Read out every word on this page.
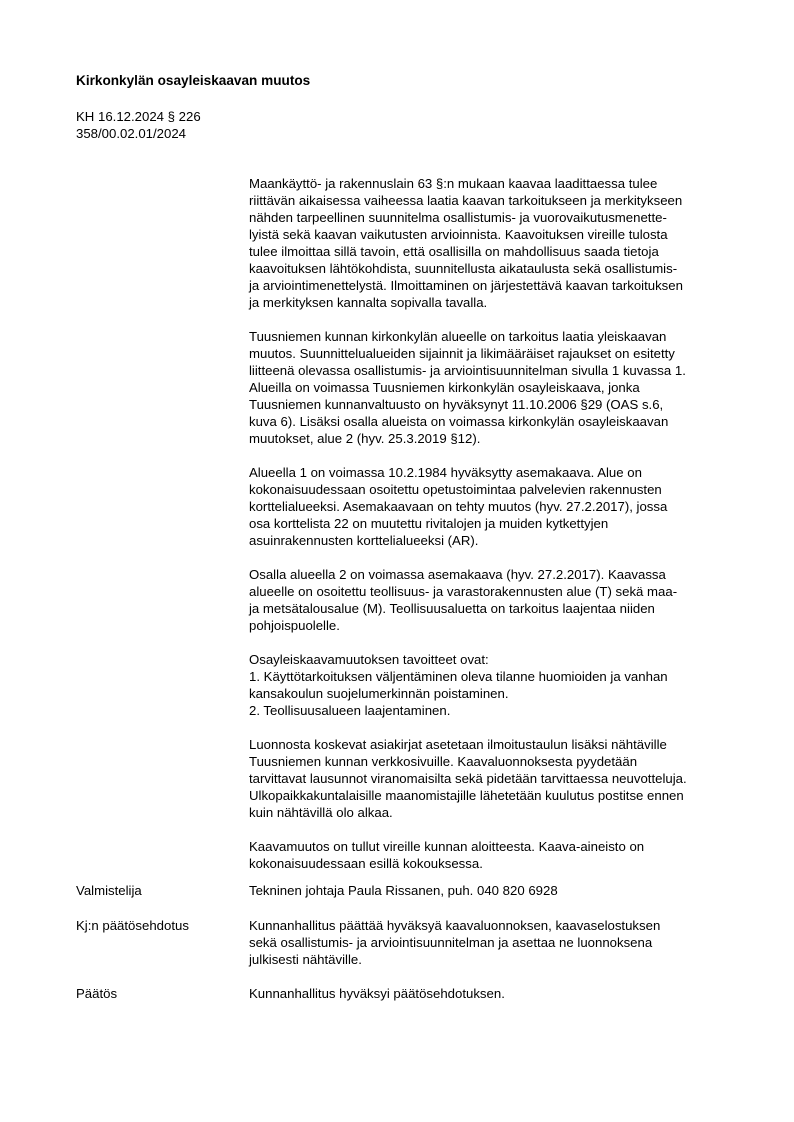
Kirkonkylän osayleiskaavan muutos
KH 16.12.2024 § 226
358/00.02.01/2024

Maankäyttö- ja rakennuslain 63 §:n mukaan kaavaa laadittaessa tulee
riittävän aikaisessa vaiheessa laatia kaavan tarkoitukseen ja merkitykseen
nähden tarpeellinen suunnitelma osallistumis- ja vuorovaikutusmenette-
lyistä sekä kaavan vaikutusten arvioinnista. Kaavoituksen vireille tulosta
tulee ilmoittaa sillä tavoin, että osallisilla on mahdollisuus saada tietoja
kaavoituksen lähtökohdista, suunnitellusta aikataulusta sekä osallistumis-
ja arviointimenettelystä. Ilmoittaminen on järjestettävä kaavan tarkoituksen
ja merkityksen kannalta sopivalla tavalla.

Tuusniemen kunnan kirkonkylän alueelle on tarkoitus laatia yleiskaavan
muutos. Suunnittelualueiden sijainnit ja likimääräiset rajaukset on esitetty
liitteenä olevassa osallistumis- ja arviointisuunnitelman sivulla 1 kuvassa 1.
Alueilla on voimassa Tuusniemen kirkonkylän osayleiskaava, jonka
Tuusniemen kunnanvaltuusto on hyväksynyt 11.10.2006 §29 (OAS s.6,
kuva 6). Lisäksi osalla alueista on voimassa kirkonkylän osayleiskaavan
muutokset, alue 2 (hyv. 25.3.2019 §12).

Alueella 1 on voimassa 10.2.1984 hyväksytty asemakaava. Alue on
kokonaisuudessaan osoitettu opetustoimintaa palvelevien rakennusten
korttelialueeksi. Asemakaavaan on tehty muutos (hyv. 27.2.2017), jossa
osa korttelista 22 on muutettu rivitalojen ja muiden kytkettyjen
asuinrakennusten korttelialueeksi (AR).

Osalla alueella 2 on voimassa asemakaava (hyv. 27.2.2017). Kaavassa
alueelle on osoitettu teollisuus- ja varastorakennusten alue (T) sekä maa-
ja metsätalousalue (M). Teollisuusaluetta on tarkoitus laajentaa niiden
pohjoispuolelle.

Osayleiskaavamuutoksen tavoitteet ovat:
1. Käyttötarkoituksen väljentäminen oleva tilanne huomioiden ja vanhan
kansakoulun suojelumerkinnän poistaminen.
2. Teollisuusalueen laajentaminen.

Luonnosta koskevat asiakirjat asetetaan ilmoitustaulun lisäksi nähtäville
Tuusniemen kunnan verkkosivuille. Kaavaluonnoksesta pyydetään
tarvittavat lausunnot viranomaisilta sekä pidetään tarvittaessa neuvotteluja.
Ulkopaikkakuntalaisille maanomistajille lähetetään kuulutus postitse ennen
kuin nähtävillä olo alkaa.

Kaavamuutos on tullut vireille kunnan aloitteesta. Kaava-aineisto on
kokonaisuudessaan esillä kokouksessa.

Valmistelija	Tekninen johtaja Paula Rissanen, puh. 040 820 6928
Kj:n päätösehdotus	Kunnanhallitus päättää hyväksyä kaavaluonnoksen, kaavaselostuksen
sekä osallistumis- ja arviointisuunnitelman ja asettaa ne luonnoksena
julkisesti nähtäville.
Päätös	Kunnanhallitus hyväksyi päätösehdotuksen.
